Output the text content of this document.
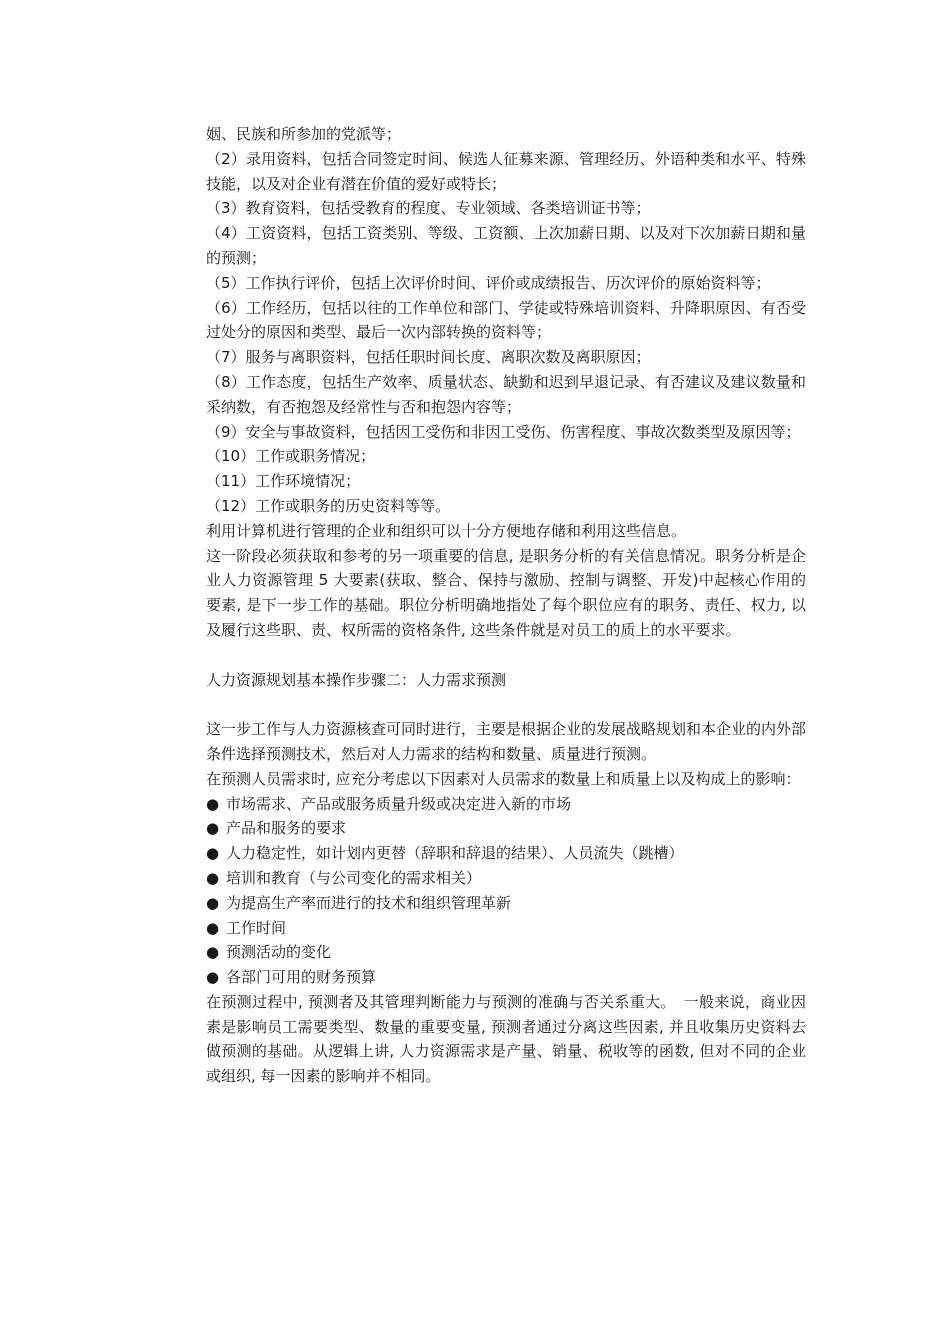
姻、民族和所参加的党派等；

（2）录用资料，包括合同签定时间、候选人征募来源、管理经历、外语种类和水平、特殊技能，以及对企业有潜在价值的爱好或特长；

（3）教育资料，包括受教育的程度、专业领域、各类培训证书等；

（4）工资资料，包括工资类别、等级、工资额、上次加薪日期、以及对下次加薪日期和量的预测；

（5）工作执行评价，包括上次评价时间、评价或成绩报告、历次评价的原始资料等；

（6）工作经历，包括以往的工作单位和部门、学徒或特殊培训资料、升降职原因、有否受过处分的原因和类型、最后一次内部转换的资料等；

（7）服务与离职资料，包括任职时间长度、离职次数及离职原因；

（8）工作态度，包括生产效率、质量状态、缺勤和迟到早退记录、有否建议及建议数量和采纳数，有否抱怨及经常性与否和抱怨内容等；

（9）安全与事故资料，包括因工受伤和非因工受伤、伤害程度、事故次数类型及原因等；

（10）工作或职务情况；

（11）工作环境情况；

（12）工作或职务的历史资料等等。

利用计算机进行管理的企业和组织可以十分方便地存储和利用这些信息。

这一阶段必须获取和参考的另一项重要的信息, 是职务分析的有关信息情况。职务分析是企业人力资源管理 5 大要素(获取、整合、保持与激励、控制与调整、开发)中起核心作用的要素, 是下一步工作的基础。职位分析明确地指处了每个职位应有的职务、责任、权力, 以及履行这些职、责、权所需的资格条件, 这些条件就是对员工的质上的水平要求。

人力资源规划基本操作步骤二：人力需求预测

这一步工作与人力资源核查可同时进行，主要是根据企业的发展战略规划和本企业的内外部条件选择预测技术，然后对人力需求的结构和数量、质量进行预测。

在预测人员需求时, 应充分考虑以下因素对人员需求的数量上和质量上以及构成上的影响：

● 市场需求、产品或服务质量升级或决定进入新的市场
● 产品和服务的要求
● 人力稳定性，如计划内更替（辞职和辞退的结果）、人员流失（跳槽）
● 培训和教育（与公司变化的需求相关）
● 为提高生产率而进行的技术和组织管理革新
● 工作时间
● 预测活动的变化
● 各部门可用的财务预算

在预测过程中, 预测者及其管理判断能力与预测的准确与否关系重大。　一般来说，商业因素是影响员工需要类型、数量的重要变量, 预测者通过分离这些因素, 并且收集历史资料去做预测的基础。从逻辑上讲, 人力资源需求是产量、销量、税收等的函数, 但对不同的企业或组织, 每一因素的影响并不相同。
